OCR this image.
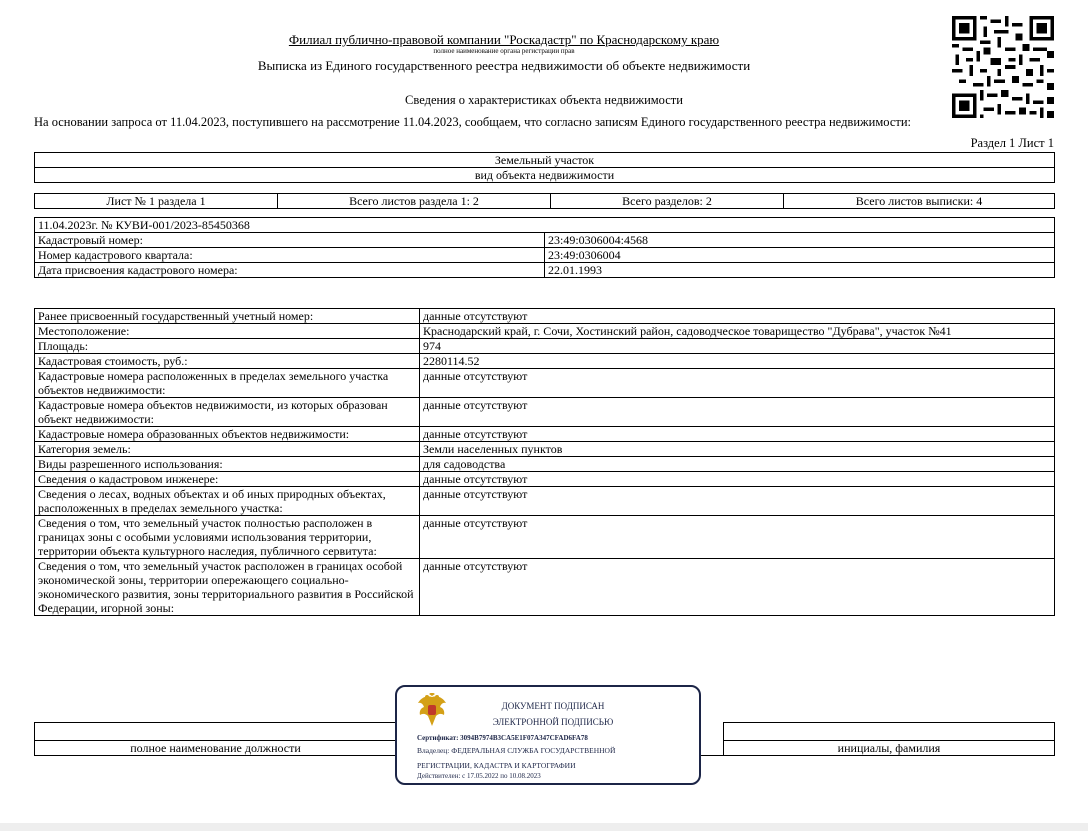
Филиал публично-правовой компании "Роскадастр" по Краснодарскому краю
полное наименование органа регистрации прав
Выписка из Единого государственного реестра недвижимости об объекте недвижимости
Сведения о характеристиках объекта недвижимости
На основании запроса от 11.04.2023, поступившего на рассмотрение 11.04.2023, сообщаем, что согласно записям Единого государственного реестра недвижимости:
Раздел 1 Лист 1
Земельный участок
вид объекта недвижимости
Лист № 1 раздела 1	Всего листов раздела 1: 2	Всего разделов: 2	Всего листов выписки: 4
11.04.2023г. № КУВИ-001/2023-85450368	
Кадастровый номер:	23:49:0306004:4568
Номер кадастрового квартала:	23:49:0306004
Дата присвоения кадастрового номера:	22.01.1993
Ранее присвоенный государственный учетный номер:	данные отсутствуют
Местоположение:	Краснодарский край, г. Сочи, Хостинский район, садоводческое товарищество "Дубрава", участок №41
Площадь:	974
Кадастровая стоимость, руб.:	2280114.52
Кадастровые номера расположенных в пределах земельного участка объектов недвижимости:	данные отсутствуют
Кадастровые номера объектов недвижимости, из которых образован объект недвижимости:	данные отсутствуют
Кадастровые номера образованных объектов недвижимости:	данные отсутствуют
Категория земель:	Земли населенных пунктов
Виды разрешенного использования:	для садоводства
Сведения о кадастровом инженере:	данные отсутствуют
Сведения о лесах, водных объектах и об иных природных объектах, расположенных в пределах земельного участка:	данные отсутствуют
Сведения о том, что земельный участок полностью расположен в границах зоны с особыми условиями использования территории, территории объекта культурного наследия, публичного сервитута:	данные отсутствуют
Сведения о том, что земельный участок расположен в границах особой экономической зоны, территории опережающего социально-экономического развития, зоны территориального развития в Российской Федерации, игорной зоны:	данные отсутствуют

полное наименование должности		инициалы, фамилия
ДОКУМЕНТ ПОДПИСАН
ЭЛЕКТРОННОЙ ПОДПИСЬЮ
Сертификат: 3094B7974B3CA5E1F07A347CFAD6FA78
Владелец: ФЕДЕРАЛЬНАЯ СЛУЖБА ГОСУДАРСТВЕННОЙ
РЕГИСТРАЦИИ, КАДАСТРА И КАРТОГРАФИИ
Действителен: с 17.05.2022 по 10.08.2023
